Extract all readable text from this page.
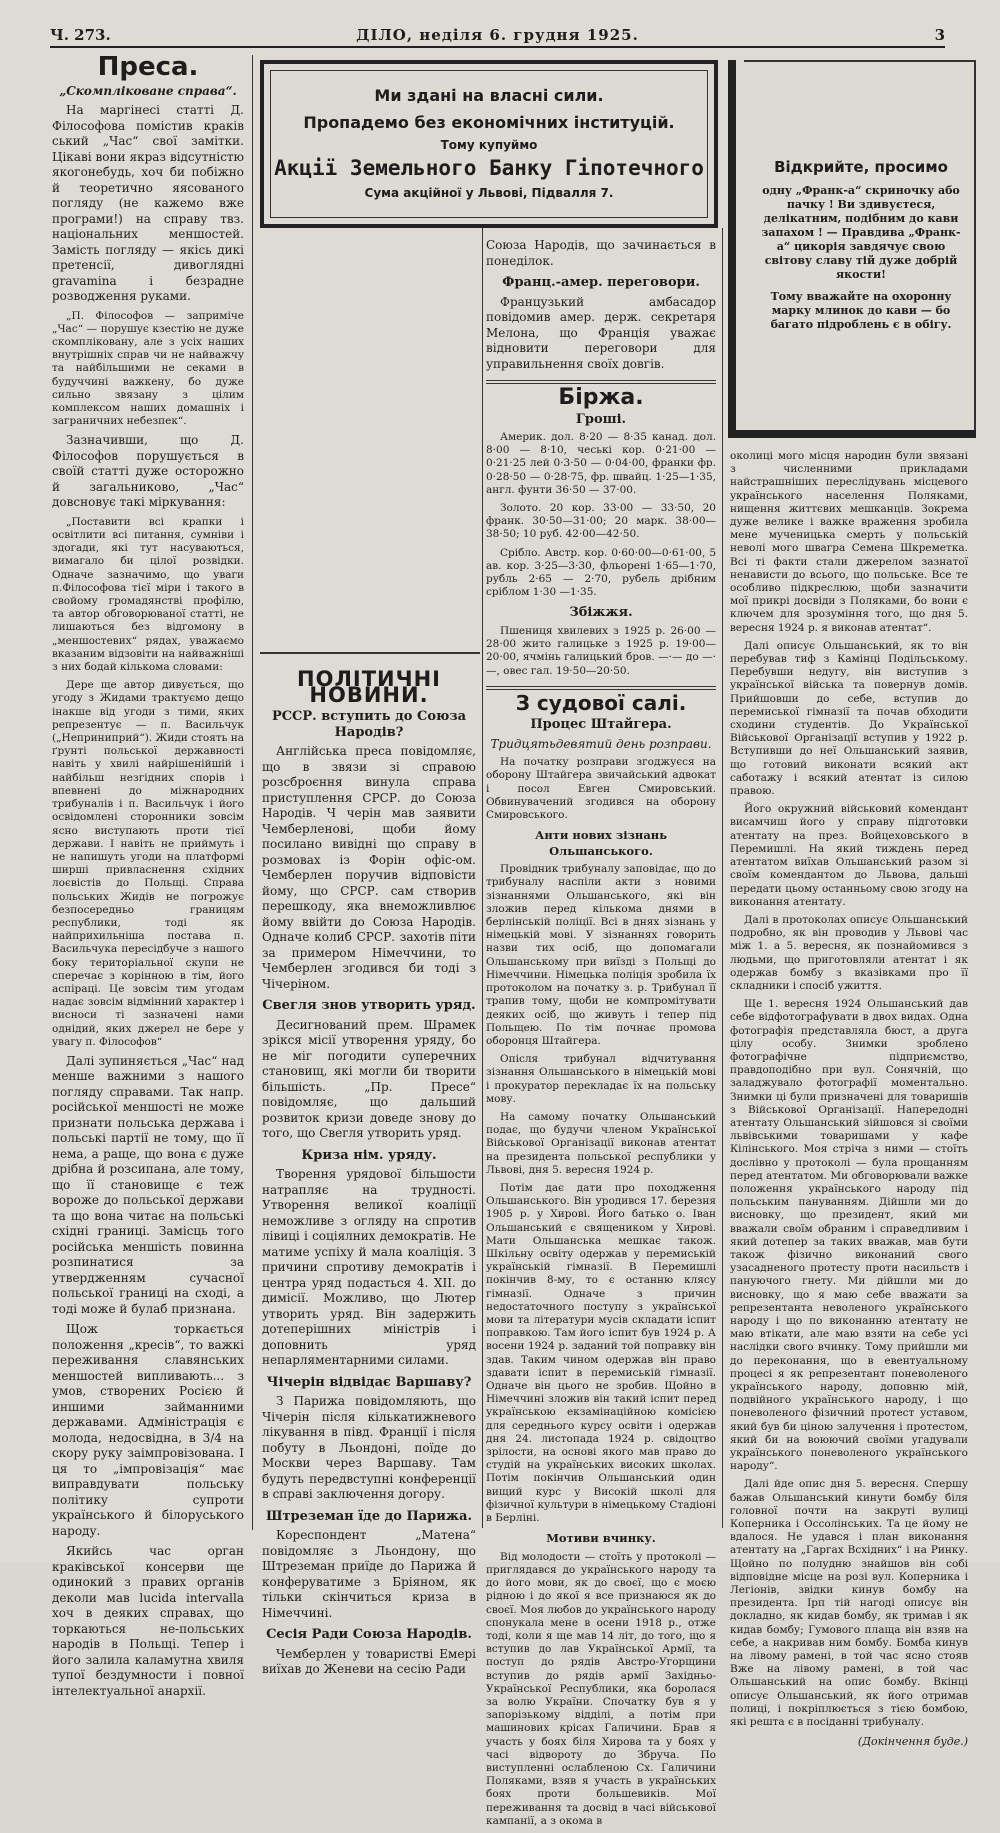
Ч. 273.	ДІЛО, неділя 6. грудня 1925.	3
Преса.
„Скомпліковане справа“.

На маргінесі статті Д. Філософова помістив краків ський „Час“ свої замітки. Цікаві вони якраз відсутністю якогонебудь, хоч би побіжно й теоретично яясованого погляду (не кажемо вже програми!) на справу твз. національних меншостей. Замість погляду — якісь дикі претенсії, дивоглядні gravamina і безрадне розводження руками.

„П. Філософов — заприміче „Час“ — порушує кзестію не дуже скомпліковану, але з усіх наших внутрішніх справ чи не найважчу та найбільшими не секами в будуччині важкену, бо дуже сильно звязану з цілим комплексом наших домашніх і заграничних небезпек“.

Зазначивши, що Д. Філософов порушується в своїй статті дуже осторожно й загальниково, „Час“ довсновує такі міркування:

„Поставити всі крапки і освітлити всі питання, сумніви і здогади, які тут насуваються, вимагало би цілої розвідки. Одначе зазначимо, що уваги п.Філософова тієї міри і такого в свойому громадянстві профілю, та автор обговорюваної статті, не лишаються без відгомону в „меншостевих“ рядах, уважаємо вказаним відзовіти на найважніші з них бодай кількома словами:

Дере ще автор дивується, що угоду з Жидами трактуємо дещо інакше від угоди з тими, яких репрезентує — п. Васильчук („Неприниприй“). Жиди стоять на ґрунті польської державності навіть у хвилі найрішенійшій і найбільш незгідних спорів і впевнені до міжнародних трибуналів і п. Васильчук і його освідомлені сторонники зовсім ясно виступають проти тієї держави. І навіть не приймуть і не напишуть угоди на платформі ширші привласнення східних лоєвістів до Польщі. Справа польських Жидів не погрожує безпосередньо границям республики, тоді як найприхильніша постава п. Васильчука пересідбуче з нашого боку територіальної скупи не сперечає з корінною в тім, його аспіраці. Це зовсім тим угодам надає зовсім відмінний характер і висноси ті зазначені нами однідий, яких джерел не бере у увагу п. Філософов“

Далі зупиняється „Час“ над менше важними з нашого погляду справами. Так напр. російської меншості не може признати польська держава і польські партії не тому, що її нема, а раще, що вона є дуже дрібна й розсипана, але тому, що її становище є теж вороже до польської держави та що вона читає на польські східні границі. Замісць того російська меншість повинна розпинатися за утвердженням сучасної польської границі на сході, а тоді може й булаб признана.

Щож торкається положення „кресів“, то важкі переживання славянських меншостей випливають... з умов, створених Росією й иншими займанними державами. Адміністрація є молода, недосвідна, в 3/4 на скору руку заімпровізована. І ця то „імпровізація“ має виправдувати польську політику супроти українського й білоруського народу.

Якийсь час орган краківської консерви ще одинокий з правих органів деколи мав lucida intervalla хоч в деяких справах, що торкаються не-польських народів в Польщі. Тепер і його залила каламутна хвиля тупої бездумности і повної інтелектуальної анархії.

Ми здані на власні сили.
Пропадемо без економічних інституцій.
Тому купуймо
Акції Земельного Банку Гіпотечного
Сума акційної у Львові, Підвалля 7.
Відкрийте, просимо
одну „Франк-а“ скриночку або пачку ! Ви здивуєтеся, делікатним, подібним до кави запахом ! — Правдива „Франк-а“ цикорія завдячує свою світову славу тій дуже добрій якости!
Тому вважайте на охоронну марку млинок до кави — бо багато підроблень є в обігу.
ПОЛІТИЧНІ НОВИНИ.
РССР. вступить до Союза Народів?

Англійська преса повідомляє, що в звязи зі справою розсброєння винула справа приступлення СРСР. до Союза Народів. Ч черін мав заявити Чемберленові, щоби йому посилано вивідні що справу в розмовах із Форін офіс-ом. Чемберлен поручив відповісти йому, що СРСР. сам створив перешкоду, яка внеможливлює йому ввійти до Союза Народів. Одначе колиб СРСР. захотів піти за примером Німеччини, то Чемберлен згодився би тоді з Чічеріном.

Свегля знов утворить уряд.

Десигнований прем. Шрамек зрікся місії утворення уряду, бо не міг погодити суперечних становищ, які могли би творити більшість. „Пр. Пресе“ повідомляє, що дальший розвиток кризи доведе знову до того, що Свегля утворить уряд.

Криза нім. уряду.

Творення урядової більшости натрапляє на трудності. Утворення великої коаліції неможливе з огляду на спротив лівиці і соціялних демократів. Не матиме успіху й мала коаліція. З причини спротиву демократів і центра уряд подасться 4. XII. до димісії. Можливо, що Лютер утворить уряд. Він задержить дотеперішних міністрів і доповнить уряд непарляментарними силами.

Чічерін відвідає Варшаву?

З Парижа повідомляють, що Чічерін після кількатижневого лікування в півд. Франції і після побуту в Льондоні, поїде до Москви через Варшаву. Там будуть передвступні конференції в справі заключення догору.

Штреземан їде до Парижа.

Кореспондент „Матена“ повідомляє з Льондону, що Штреземан приїде до Парижа й конферуватиме з Бріяном, як тільки скінчиться криза в Німеччині.

Сесія Ради Союза Народів.

Чемберлен у товаристві Емері виїхав до Женеви на сесію Ради

Союза Народів, що зачинається в понеділок.

Франц.-амер. переговори.

Французький амбасадор повідомив амер. держ. секретаря Мелона, що Франція уважає відновити переговори для управильнення своїх довгів.

Біржа.
Гроші.

Америк. дол. 8·20 — 8·35 канад. дол. 8·00 — 8·10, чеські кор. 0·21·00 — 0·21·25 лей 0·3·50 — 0·04·00, франки фр. 0·28·50 — 0·28·75, фр. швайц. 1·25—1·35, англ. фунти 36·50 — 37·00.

Золото. 20 кор. 33·00 — 33·50, 20 франк. 30·50—31·00; 20 марк. 38·00—38·50; 10 руб. 42·00—42·50.

Срібло. Австр. кор. 0·60·00—0·61·00, 5 ав. кор. 3·25—3·30, фльорені 1·65—1·70, рубль 2·65 — 2·70, рубель дрібним сріблом 1·30 —1·35.

Збіжжя.

Пшениця хвилевих з 1925 р. 26·00 — 28·00 жито галицьке з 1925 р. 19·00—20·00, ячмінь галицький бров. —·— до —·—, овес гал. 19·50—20·50.

З судової салі.
Процес Штайгера.
Тридцятьдевятий день розправи.

На початку розправи згоджуєся на оборону Штайгера звичайський адвокат і посол Евген Смировський. Обвинувачений згодився на оборону Смировського.

Анти нових зізнань Ольшанського.

Провідник трибуналу заповідає, що до трибуналу наспіли акти з новими зізнаннями Ольшанського, які він зложив перед кількома днями в берлінській поліції. Всі в днях зізнань у німецькій мові. У зізнаннях говорить назви тих осіб, що допомагали Ольшанському при виїзді з Польщі до Німеччини. Німецька поліція зробила їх протоколом на початку з. р. Трибунал її трапив тому, щоби не компромітувати деяких осіб, що живуть і тепер під Польщею. По тім почнає промова оборонця Штайгера.

Опісля трибунал відчитування зізнання Ольшанського в німецькій мові і прокуратор перекладає їх на польську мову.

На самому початку Ольшанський подає, що будучи членом Української Військової Організації виконав атентат на президента польської республики у Львові, дня 5. вересня 1924 р.

Потім дає дати про походження Ольшанського. Він уродився 17. березня 1905 р. у Хирові. Його батько о. Іван Ольшанський є священиком у Хирові. Мати Ольшанська мешкає також. Шкільну освіту одержав у перемиській українській гімназії. В Перемишлі покінчив 8-му, то є останню клясу гімназії. Одначе з причин недостаточного поступу з української мови та літератури мусів складати іспит поправкою. Там його іспит був 1924 р. А восени 1924 р. заданий той поправку він здав. Таким чином одержав він право здавати іспит в перемиській гімназії. Одначе він цього не зробив. Щойно в Німеччині зложив він такий іспит перед українською екзамінаційною комісією для середнього курсу освіти і одержав дня 24. листопада 1924 р. свідоцтво зрілости, на основі якого мав право до студій на українських високих школах. Потім покінчив Ольшанський один вищий курс у Високій школі для фізичної культури в німецькому Стадіоні в Берліні.

Мотиви вчинку.

Від молодости — стоїть у протоколі — приглядався до українського народу та до його мови, як до своєї, що є моєю рідною і до якої я все признаюся як до своєї. Моя любов до українського народу спонукала мене в осени 1918 р., отже тоді, коли я ще мав 14 літ, до того, що я вступив до лав Української Армії, та поступ до рядів Австро-Угорщини вступив до рядів армії Західньо-Української Республики, яка боролася за волю України. Спочатку був я у запорізькому відділі, а потім при машинових крісах Галичини. Брав я участь у боях біля Хирова та у боях у часі відвороту до Збруча. По виступленні ослабленою Сх. Галичини Поляками, взяв я участь в українських боях проти большевиків. Мої переживання та досвід в часі військової кампанії, а з окома в

околиці мого місця народин були звязані з численними прикладами найстрашніших переслідувань місцевого українського населення Поляками, нищення життєвих мешканців. Зокрема дуже велике і важке враження зробила мене мученицька смерть у польській неволі мого швагра Семена Шкреметка. Всі ті факти стали джерелом зазнатої ненависти до всього, що польське. Все те особливо підкреслюю, щоби зазначити мої прикрі досвіди з Поляками, бо вони є ключем для зрозуміння того, що дня 5. вересня 1924 р. я виконав атентат“.

Далі описує Ольшанський, як то він перебував тиф з Камінці Подільському. Перебувши недугу, він виступив з української війська та повернув домів. Прийшовши до себе, вступив до перемиської гімназії та почав обходити сходини студентів. До Української Військової Організації вступив у 1922 р. Вступивши до неї Ольшанський заявив, що готовий виконати всякий акт саботажу і всякий атентат із силою правою.

Його окружний військовий комендант висамчиш його у справу підготовки атентату на през. Войцеховського в Перемишлі. На який тиждень перед атентатом виїхав Ольшанський разом зі своїм комендантом до Львова, дальші передати цьому останньому свою згоду на виконання атентату.

Далі в протоколах описує Ольшанський подробно, як він проводив у Львові час між 1. а 5. вересня, як познайомився з людьми, що приготовляли атентат і як одержав бомбу з вказівками про її складники і спосіб ужиття.

Ще 1. вересня 1924 Ольшанський дав себе відфотографувати в двох видах. Одна фотографія представляла бюст, а друга цілу особу. Знимки зроблено фотографічне підприємство, правдоподібно при вул. Сонячній, що заладжувало фотографії моментально. Знимки ці були призначені для товаришів з Військової Організації. Напередодні атентату Ольшанський зійшовся зі своїми львівськими товаришами у кафе Кілінського. Моя стріча з ними — стоїть дослівно у протоколі — була прощанням перед атентатом. Ми обговорювали важке положення українського народу під польським пануванням. Дійшли ми до висновку, що президент, який ми вважали своїм обраним і справедливим і який дотепер за таких вважав, мав бути також фізично виконаний свого узасадненого протесту проти насильств і пануючого гнету. Ми дійшли ми до висновку, що я маю себе вважати за репрезентанта неволеного українського народу і що по виконанню атентату не маю втікати, але маю взяти на себе усі наслідки свого вчинку. Тому прийшли ми до переконання, що в евентуальному процесі я як репрезентант поневоленого українського народу, доповню мій, подвійного українського народу, і що поневоленого фізичний протест уставом, який був би ціною залучення і протестом, який би на воюючий своїми угадували українського поневоленого українського народу“.

Далі йде опис дня 5. вересня. Спершу бажав Ольшанський кинути бомбу біля головної почти на закруті вулиці Коперника і Оссолінських. Та це йому не вдалося. Не удався і план виконання атентату на „Гаргах Всхідних“ і на Ринку. Щойно по полудню знайшов він собі відповідне місце на розі вул. Коперника і Легіонів, звідки кинув бомбу на президента. Ірп тій нагоді описує він докладно, як кидав бомбу, як тримав і як кидав бомбу; Гумового плаща він взяв на себе, а накривав ним бомбу. Бомба кинув на лівому рамені, в той час ясно стояв Вже на лівому рамені, в той час Ольшанський на опис бомбу. Вкінці описує Ольшанський, як його отримав полиці, і покріплюється з тією бомбою, які решта є в посіданні трибуналу.

(Докінчення буде.)
